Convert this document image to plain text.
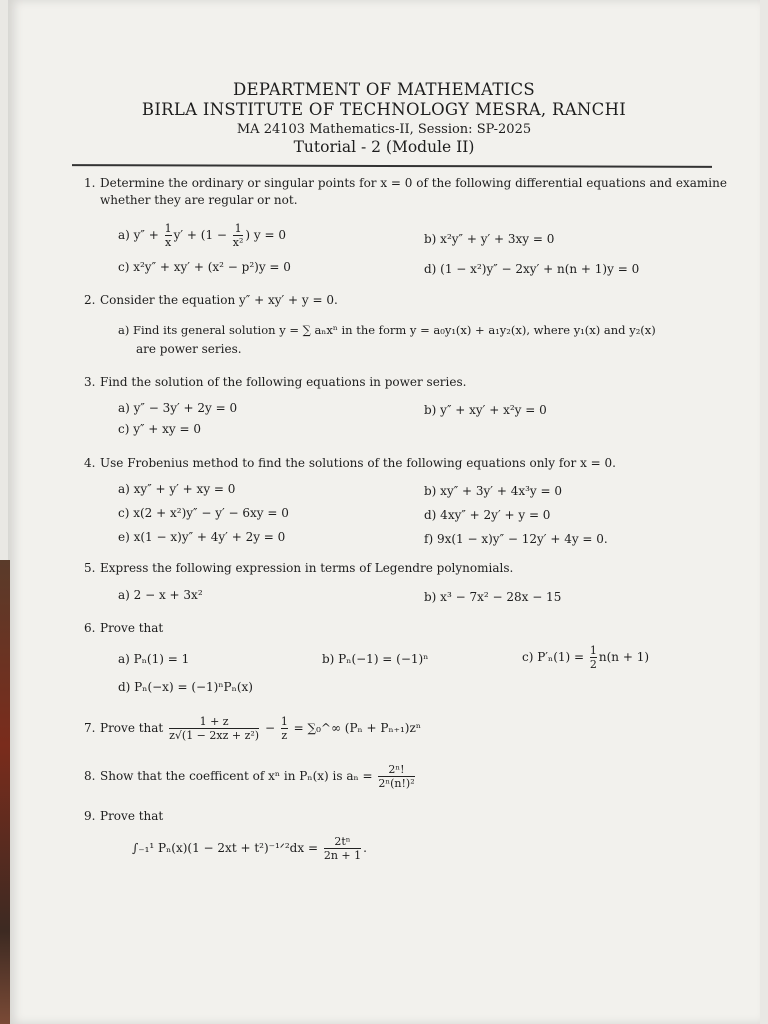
DEPARTMENT OF MATHEMATICS
BIRLA INSTITUTE OF TECHNOLOGY MESRA, RANCHI
MA 24103 Mathematics-II, Session: SP-2025
Tutorial - 2 (Module II)
1. Determine the ordinary or singular points for x = 0 of the following differential equations and examine
whether they are regular or not.
a) $y'' + \frac{1}{x} y' + (1 - \frac{1}{\text{x²}}$ ) y = 0	b) x²y″ + y′ + 3xy = 0
c) x²y″ + xy′ + (x² − p²)y = 0	d) (1 − x²)y″ − 2xy′ + n(n + 1)y = 0
2. Consider the equation y″ + xy′ + y = 0.
a) Find its general solution y = ∑ aₙxⁿ in the form y = a₀y₁(x) + a₁y₂(x), where y₁(x) and y₂(x)
are power series.
3. Find the solution of the following equations in power series.
a) y″ − 3y′ + 2y = 0	b) y″ + xy′ + x²y = 0
c) y″ + xy = 0
4. Use Frobenius method to find the solutions of the following equations only for x = 0.
a) xy″ + y′ + xy = 0	b) xy″ + 3y′ + 4x³y = 0
c) x(2 + x²)y″ − y′ − 6xy = 0	d) 4xy″ + 2y′ + y = 0
e) x(1 − x)y″ + 4y′ + 2y = 0	f) 9x(1 − x)y″ − 12y′ + 4y = 0.
5. Express the following expression in terms of Legendre polynomials.
a) 2 − x + 3x²	b) x³ − 7x² − 28x − 15
6. Prove that
a) Pₙ(1) = 1	b) Pₙ(−1) = (−1)ⁿ	c) $P'_n(1) = \frac{1}{2} n(n + 1)$
d) Pₙ(−x) = (−1)ⁿPₙ(x)
7. Prove that $\frac{1 + z}{\text{z√(1 − 2xz + z²)}} - \frac{1}{z}$ = ∑₀^∞ (Pₙ + Pₙ₊₁)zⁿ
8. Show that the coefficent of xⁿ in Pₙ(x) is $a_n = \frac{\text{2ⁿ!}}{\text{2ⁿ(n!)²}}$
9. Prove that
∫₋₁¹ Pₙ(x)(1 − 2xt + t²)⁻¹ᐟ²dx = $\frac{\text{2tⁿ}}{2n + 1}$ .
